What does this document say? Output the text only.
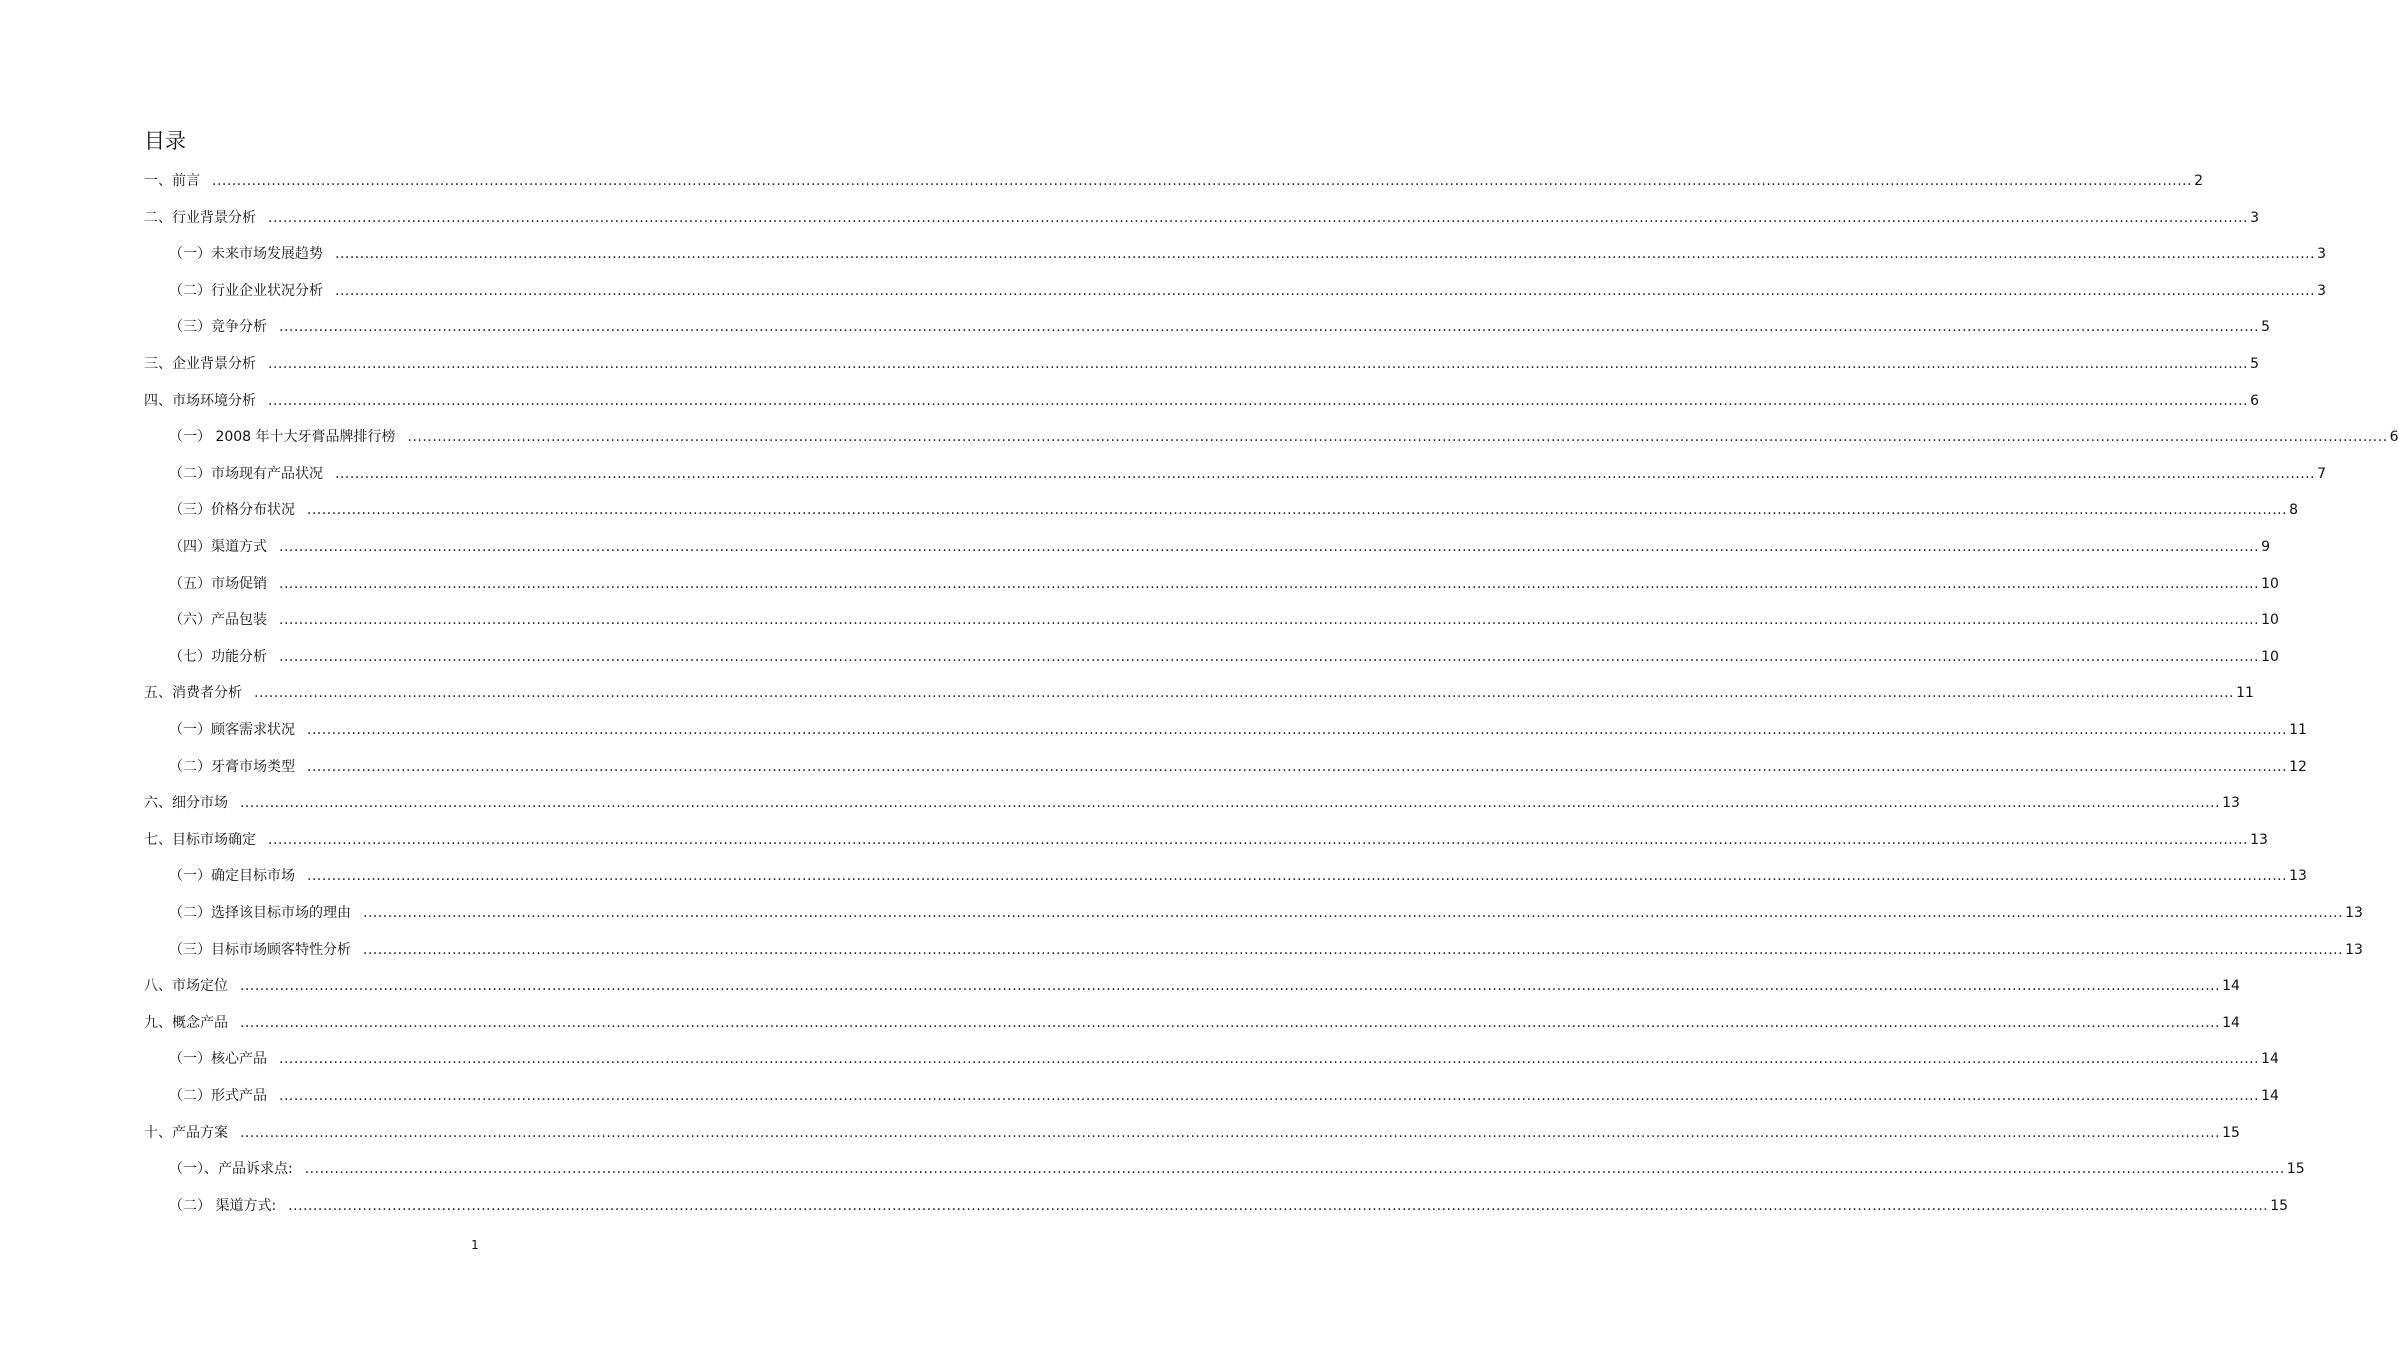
目录
一、前言 ................................................................................................................................................................................................................................................................................................................................................................................................................ 2
二、行业背景分析 ................................................................................................................................................................................................................................................................................................................................................................................................................ 3
（一）未来市场发展趋势 ................................................................................................................................................................................................................................................................................................................................................................................................................ 3
（二）行业企业状况分析 ................................................................................................................................................................................................................................................................................................................................................................................................................ 3
（三）竞争分析 ................................................................................................................................................................................................................................................................................................................................................................................................................ 5
三、企业背景分析 ................................................................................................................................................................................................................................................................................................................................................................................................................ 5
四、市场环境分析 ................................................................................................................................................................................................................................................................................................................................................................................................................ 6
（一） 2008 年十大牙膏品牌排行榜 ................................................................................................................................................................................................................................................................................................................................................................................................................ 6
（二）市场现有产品状况 ................................................................................................................................................................................................................................................................................................................................................................................................................ 7
（三）价格分布状况 ................................................................................................................................................................................................................................................................................................................................................................................................................ 8
（四）渠道方式 ................................................................................................................................................................................................................................................................................................................................................................................................................ 9
（五）市场促销 ................................................................................................................................................................................................................................................................................................................................................................................................................ 10
（六）产品包装 ................................................................................................................................................................................................................................................................................................................................................................................................................ 10
（七）功能分析 ................................................................................................................................................................................................................................................................................................................................................................................................................ 10
五、消费者分析 ................................................................................................................................................................................................................................................................................................................................................................................................................ 11
（一）顾客需求状况 ................................................................................................................................................................................................................................................................................................................................................................................................................ 11
（二）牙膏市场类型 ................................................................................................................................................................................................................................................................................................................................................................................................................ 12
六、细分市场 ................................................................................................................................................................................................................................................................................................................................................................................................................ 13
七、目标市场确定 ................................................................................................................................................................................................................................................................................................................................................................................................................ 13
（一）确定目标市场 ................................................................................................................................................................................................................................................................................................................................................................................................................ 13
（二）选择该目标市场的理由 ................................................................................................................................................................................................................................................................................................................................................................................................................ 13
（三）目标市场顾客特性分析 ................................................................................................................................................................................................................................................................................................................................................................................................................ 13
八、市场定位 ................................................................................................................................................................................................................................................................................................................................................................................................................ 14
九、概念产品 ................................................................................................................................................................................................................................................................................................................................................................................................................ 14
（一）核心产品 ................................................................................................................................................................................................................................................................................................................................................................................................................ 14
（二）形式产品 ................................................................................................................................................................................................................................................................................................................................................................................................................ 14
十、产品方案 ................................................................................................................................................................................................................................................................................................................................................................................................................ 15
（一）、产品诉求点: ................................................................................................................................................................................................................................................................................................................................................................................................................ 15
（二） 渠道方式: ................................................................................................................................................................................................................................................................................................................................................................................................................ 15
1
